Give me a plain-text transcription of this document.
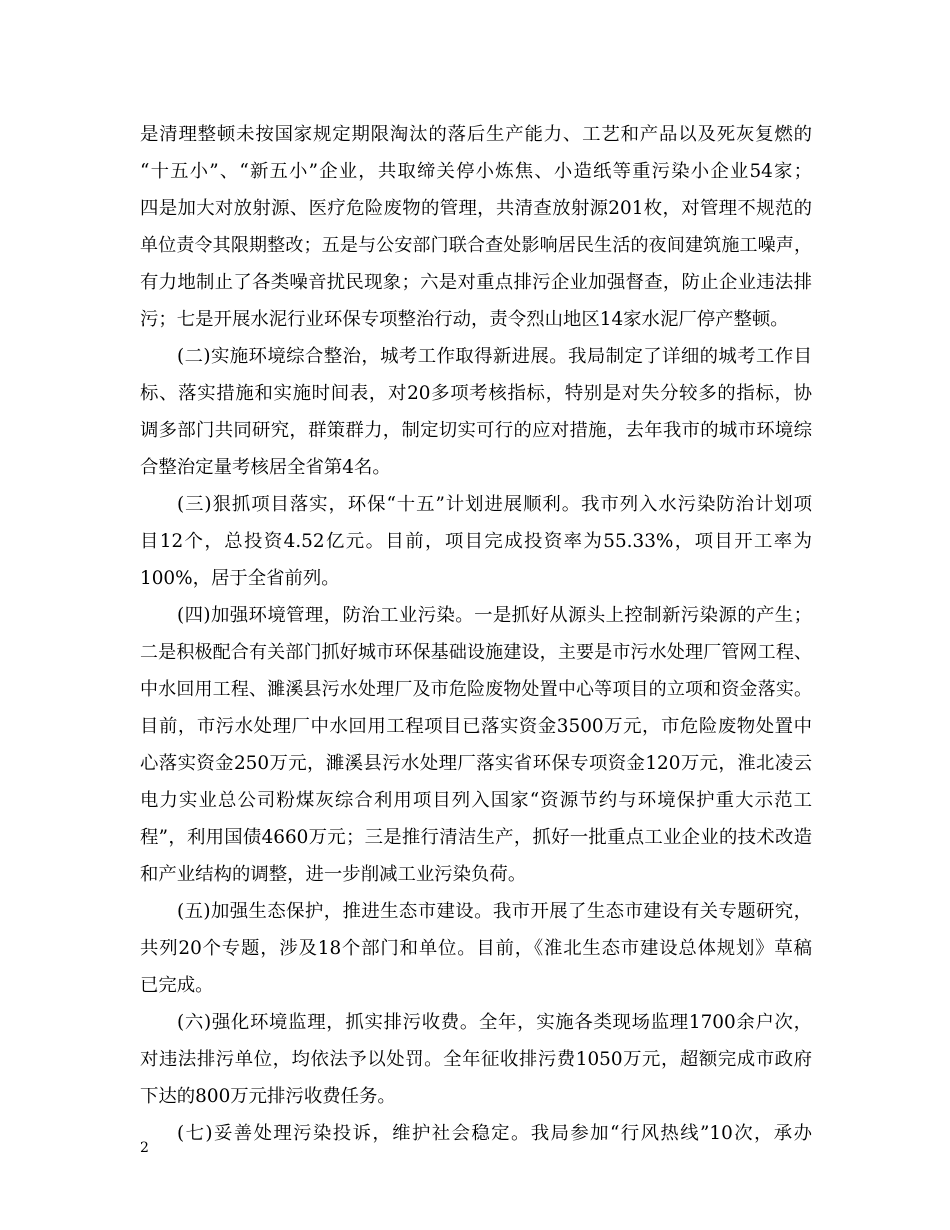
是清理整顿未按国家规定期限淘汰的落后生产能力、工艺和产品以及死灰复燃的
“十五小”、“新五小”企业，共取缔关停小炼焦、小造纸等重污染小企业54家；
四是加大对放射源、医疗危险废物的管理，共清查放射源201枚，对管理不规范的
单位责令其限期整改；五是与公安部门联合查处影响居民生活的夜间建筑施工噪声，
有力地制止了各类噪音扰民现象；六是对重点排污企业加强督查，防止企业违法排
污；七是开展水泥行业环保专项整治行动，责令烈山地区14家水泥厂停产整顿。
(二)实施环境综合整治，城考工作取得新进展。我局制定了详细的城考工作目
标、落实措施和实施时间表，对20多项考核指标，特别是对失分较多的指标，协
调多部门共同研究，群策群力，制定切实可行的应对措施，去年我市的城市环境综
合整治定量考核居全省第4名。
(三)狠抓项目落实，环保“十五”计划进展顺利。我市列入水污染防治计划项
目12个，总投资4.52亿元。目前，项目完成投资率为55.33%，项目开工率为
100%，居于全省前列。
(四)加强环境管理，防治工业污染。一是抓好从源头上控制新污染源的产生；
二是积极配合有关部门抓好城市环保基础设施建设，主要是市污水处理厂管网工程、
中水回用工程、濉溪县污水处理厂及市危险废物处置中心等项目的立项和资金落实。
目前，市污水处理厂中水回用工程项目已落实资金3500万元，市危险废物处置中
心落实资金250万元，濉溪县污水处理厂落实省环保专项资金120万元，淮北凌云
电力实业总公司粉煤灰综合利用项目列入国家“资源节约与环境保护重大示范工
程”，利用国债4660万元；三是推行清洁生产，抓好一批重点工业企业的技术改造
和产业结构的调整，进一步削减工业污染负荷。
(五)加强生态保护，推进生态市建设。我市开展了生态市建设有关专题研究，
共列20个专题，涉及18个部门和单位。目前，《淮北生态市建设总体规划》草稿
已完成。
(六)强化环境监理，抓实排污收费。全年，实施各类现场监理1700余户次，
对违法排污单位，均依法予以处罚。全年征收排污费1050万元，超额完成市政府
下达的800万元排污收费任务。
(七)妥善处理污染投诉，维护社会稳定。我局参加“行风热线”10次，承办
2
